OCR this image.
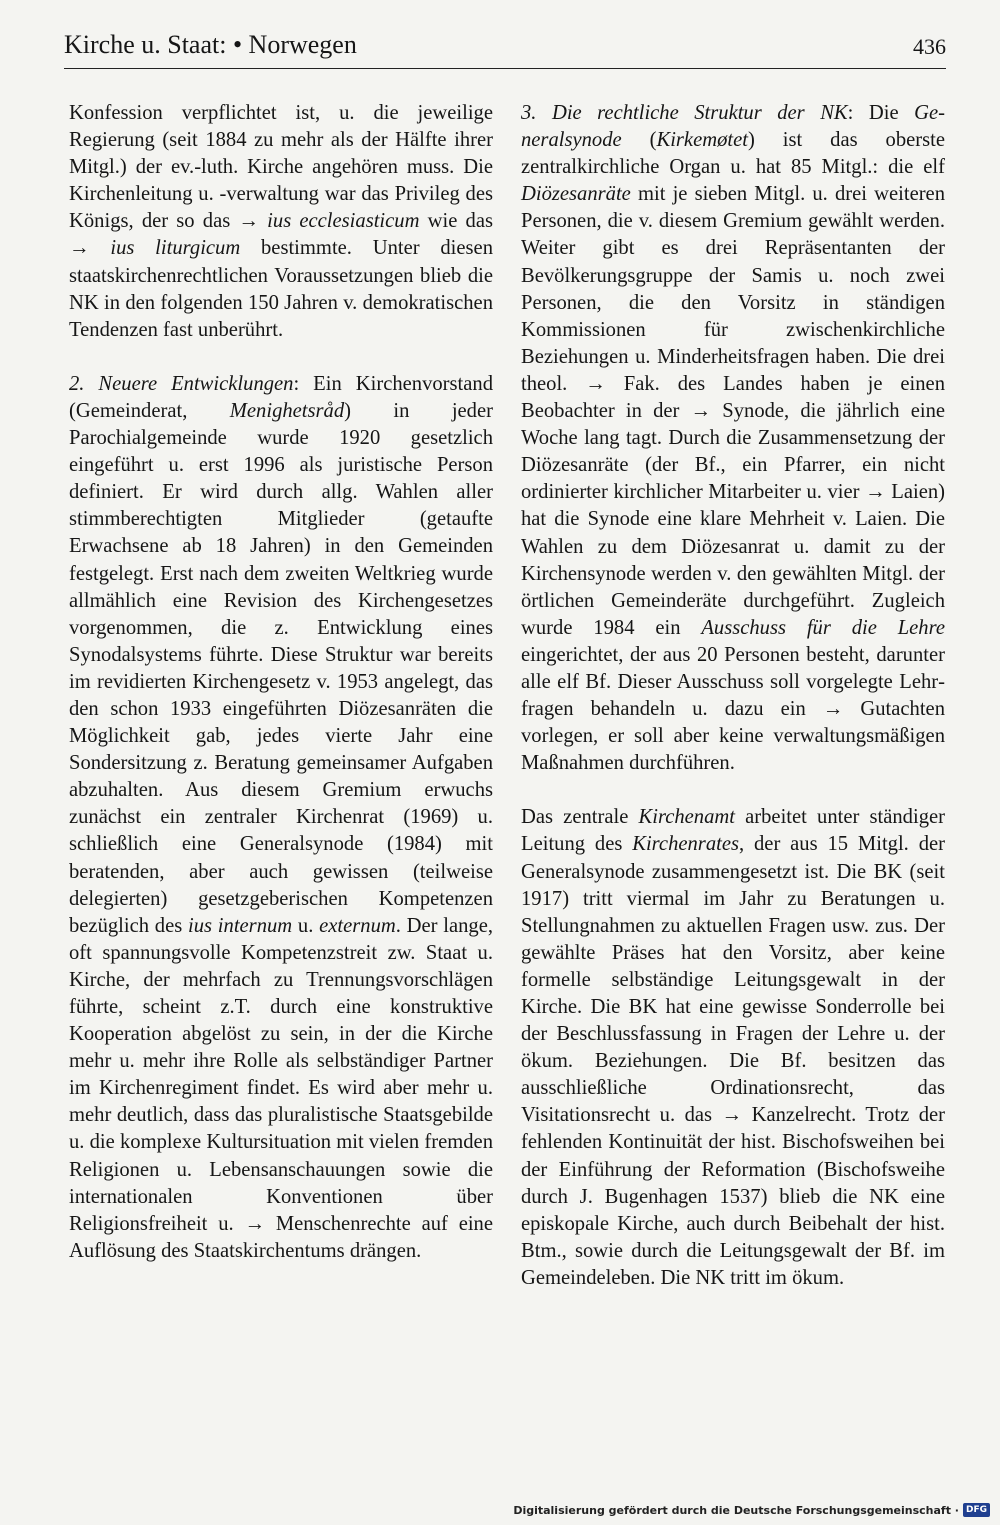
Kirche u. Staat: • Norwegen	436

Konfession verpflichtet ist, u. die jeweilige Regierung (seit 1884 zu mehr als der Hälfte ihrer Mitgl.) der ev.-luth. Kirche angehören muss. Die Kirchenleitung u. -verwaltung war das Privileg des Königs, der so das → ius ecclesiasticum wie das → ius liturgicum bestimmte. Unter diesen staatskirchenrechtlichen Voraussetzungen blieb die NK in den folgenden 150 Jahren v. demokratischen Tendenzen fast unberührt.

2. Neuere Entwicklungen: Ein Kirchenvorstand (Gemeinderat, Menighetsråd) in jeder Parochialgemeinde wurde 1920 gesetzlich eingeführt u. erst 1996 als juristische Person definiert. Er wird durch allg. Wahlen aller stimmberechtigten Mitglieder (getaufte Erwachsene ab 18 Jahren) in den Gemeinden festgelegt. Erst nach dem zweiten Weltkrieg wurde allmählich eine Revision des Kirchengesetzes vorgenommen, die z. Entwicklung eines Synodalsystems führte. Diese Struktur war bereits im revidierten Kirchengesetz v. 1953 angelegt, das den schon 1933 eingeführten Diözesanräten die Möglichkeit gab, jedes vierte Jahr eine Sondersitzung z. Beratung gemeinsamer Aufgaben abzuhalten. Aus diesem Gremium erwuchs zunächst ein zentraler Kirchenrat (1969) u. schließlich eine Generalsynode (1984) mit beratenden, aber auch gewissen (teilweise delegierten) gesetzgeberischen Kompetenzen bezüglich des ius internum u. externum. Der lange, oft spannungsvolle Kompetenzstreit zw. Staat u. Kirche, der mehrfach zu Trennungsvorschlägen führte, scheint z.T. durch eine konstruktive Kooperation abgelöst zu sein, in der die Kirche mehr u. mehr ihre Rolle als selbständiger Partner im Kirchenregiment findet. Es wird aber mehr u. mehr deutlich, dass das pluralistische Staatsgebilde u. die komplexe Kultursituation mit vielen fremden Religionen u. Lebensanschauungen sowie die internationalen Konventionen über Religionsfreiheit u. → Menschenrechte auf eine Auflösung des Staatskirchentums drängen.

3. Die rechtliche Struktur der NK: Die Generalsynode (Kirkemøtet) ist das oberste zentralkirchliche Organ u. hat 85 Mitgl.: die elf Diözesanräte mit je sieben Mitgl. u. drei weiteren Personen, die v. diesem Gremium gewählt werden. Weiter gibt es drei Repräsentanten der Bevölkerungsgruppe der Samis u. noch zwei Personen, die den Vorsitz in ständigen Kommissionen für zwischenkirchliche Beziehungen u. Minderheitsfragen haben. Die drei theol. → Fak. des Landes haben je einen Beobachter in der → Synode, die jährlich eine Woche lang tagt. Durch die Zusammensetzung der Diözesanräte (der Bf., ein Pfarrer, ein nicht ordinierter kirchlicher Mitarbeiter u. vier → Laien) hat die Synode eine klare Mehrheit v. Laien. Die Wahlen zu dem Diözesanrat u. damit zu der Kirchensynode werden v. den gewählten Mitgl. der örtlichen Gemeinderäte durchgeführt. Zugleich wurde 1984 ein Ausschuss für die Lehre eingerichtet, der aus 20 Personen besteht, darunter alle elf Bf. Dieser Ausschuss soll vorgelegte Lehrfragen behandeln u. dazu ein → Gutachten vorlegen, er soll aber keine verwaltungsmäßigen Maßnahmen durchführen.

Das zentrale Kirchenamt arbeitet unter ständiger Leitung des Kirchenrates, der aus 15 Mitgl. der Generalsynode zusammengesetzt ist. Die BK (seit 1917) tritt viermal im Jahr zu Beratungen u. Stellungnahmen zu aktuellen Fragen usw. zus. Der gewählte Präses hat den Vorsitz, aber keine formelle selbständige Leitungsgewalt in der Kirche. Die BK hat eine gewisse Sonderrolle bei der Beschlussfassung in Fragen der Lehre u. der ökum. Beziehungen. Die Bf. besitzen das ausschließliche Ordinationsrecht, das Visitationsrecht u. das → Kanzelrecht. Trotz der fehlenden Kontinuität der hist. Bischofsweihen bei der Einführung der Reformation (Bischofsweihe durch J. Bugenhagen 1537) blieb die NK eine episkopale Kirche, auch durch Beibehalt der hist. Btm., sowie durch die Leitungsgewalt der Bf. im Gemeindeleben. Die NK tritt im ökum.

Digitalisierung gefördert durch die Deutsche Forschungsgemeinschaft · DFG
